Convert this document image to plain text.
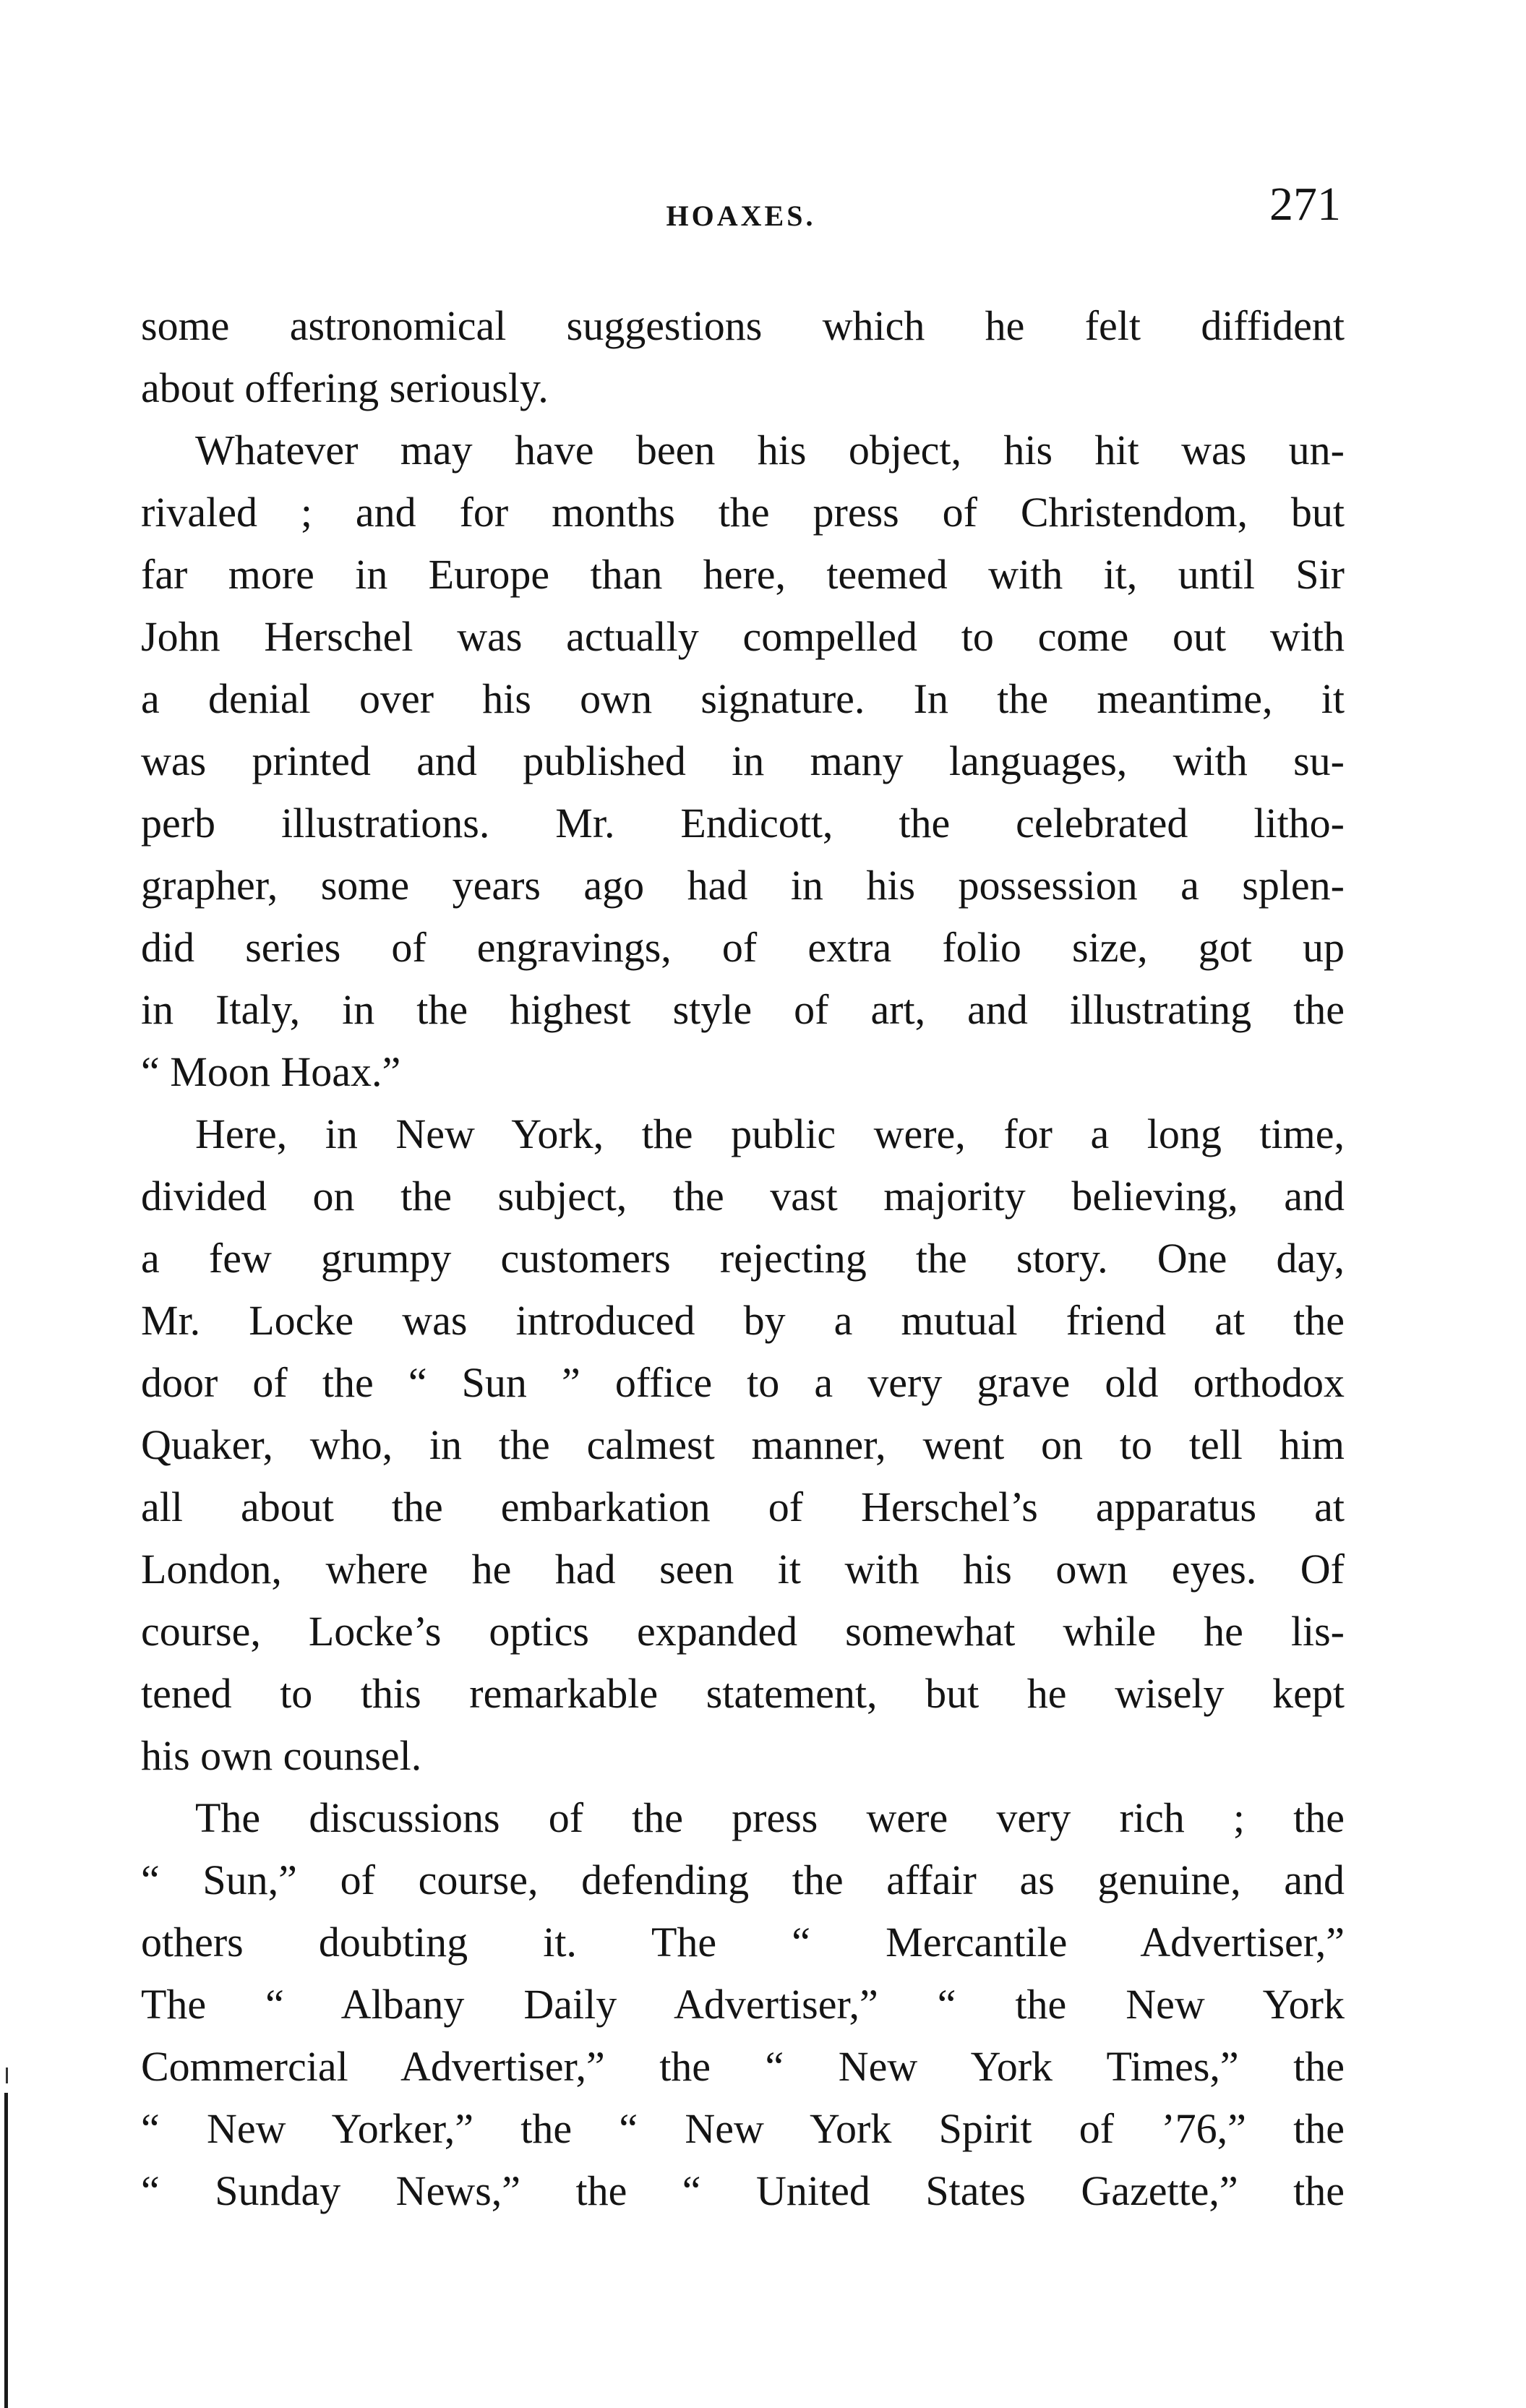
HOAXES.	271
some astronomical suggestions which he felt diffident
about offering seriously.
Whatever may have been his object, his hit was un-
rivaled ; and for months the press of Christendom, but
far more in Europe than here, teemed with it, until Sir
John Herschel was actually compelled to come out with
a denial over his own signature. In the meantime, it
was printed and published in many languages, with su-
perb illustrations. Mr. Endicott, the celebrated litho-
grapher, some years ago had in his possession a splen-
did series of engravings, of extra folio size, got up
in Italy, in the highest style of art, and illustrating the
“ Moon Hoax.”
Here, in New York, the public were, for a long time,
divided on the subject, the vast majority believing, and
a few grumpy customers rejecting the story. One day,
Mr. Locke was introduced by a mutual friend at the
door of the “ Sun ” office to a very grave old orthodox
Quaker, who, in the calmest manner, went on to tell him
all about the embarkation of Herschel’s apparatus at
London, where he had seen it with his own eyes. Of
course, Locke’s optics expanded somewhat while he lis-
tened to this remarkable statement, but he wisely kept
his own counsel.
The discussions of the press were very rich ; the
“ Sun,” of course, defending the affair as genuine, and
others doubting it. The “ Mercantile Advertiser,”
The “ Albany Daily Advertiser,” “ the New York
Commercial Advertiser,” the “ New York Times,” the
“ New Yorker,” the “ New York Spirit of ’76,” the
“ Sunday News,” the “ United States Gazette,” the
